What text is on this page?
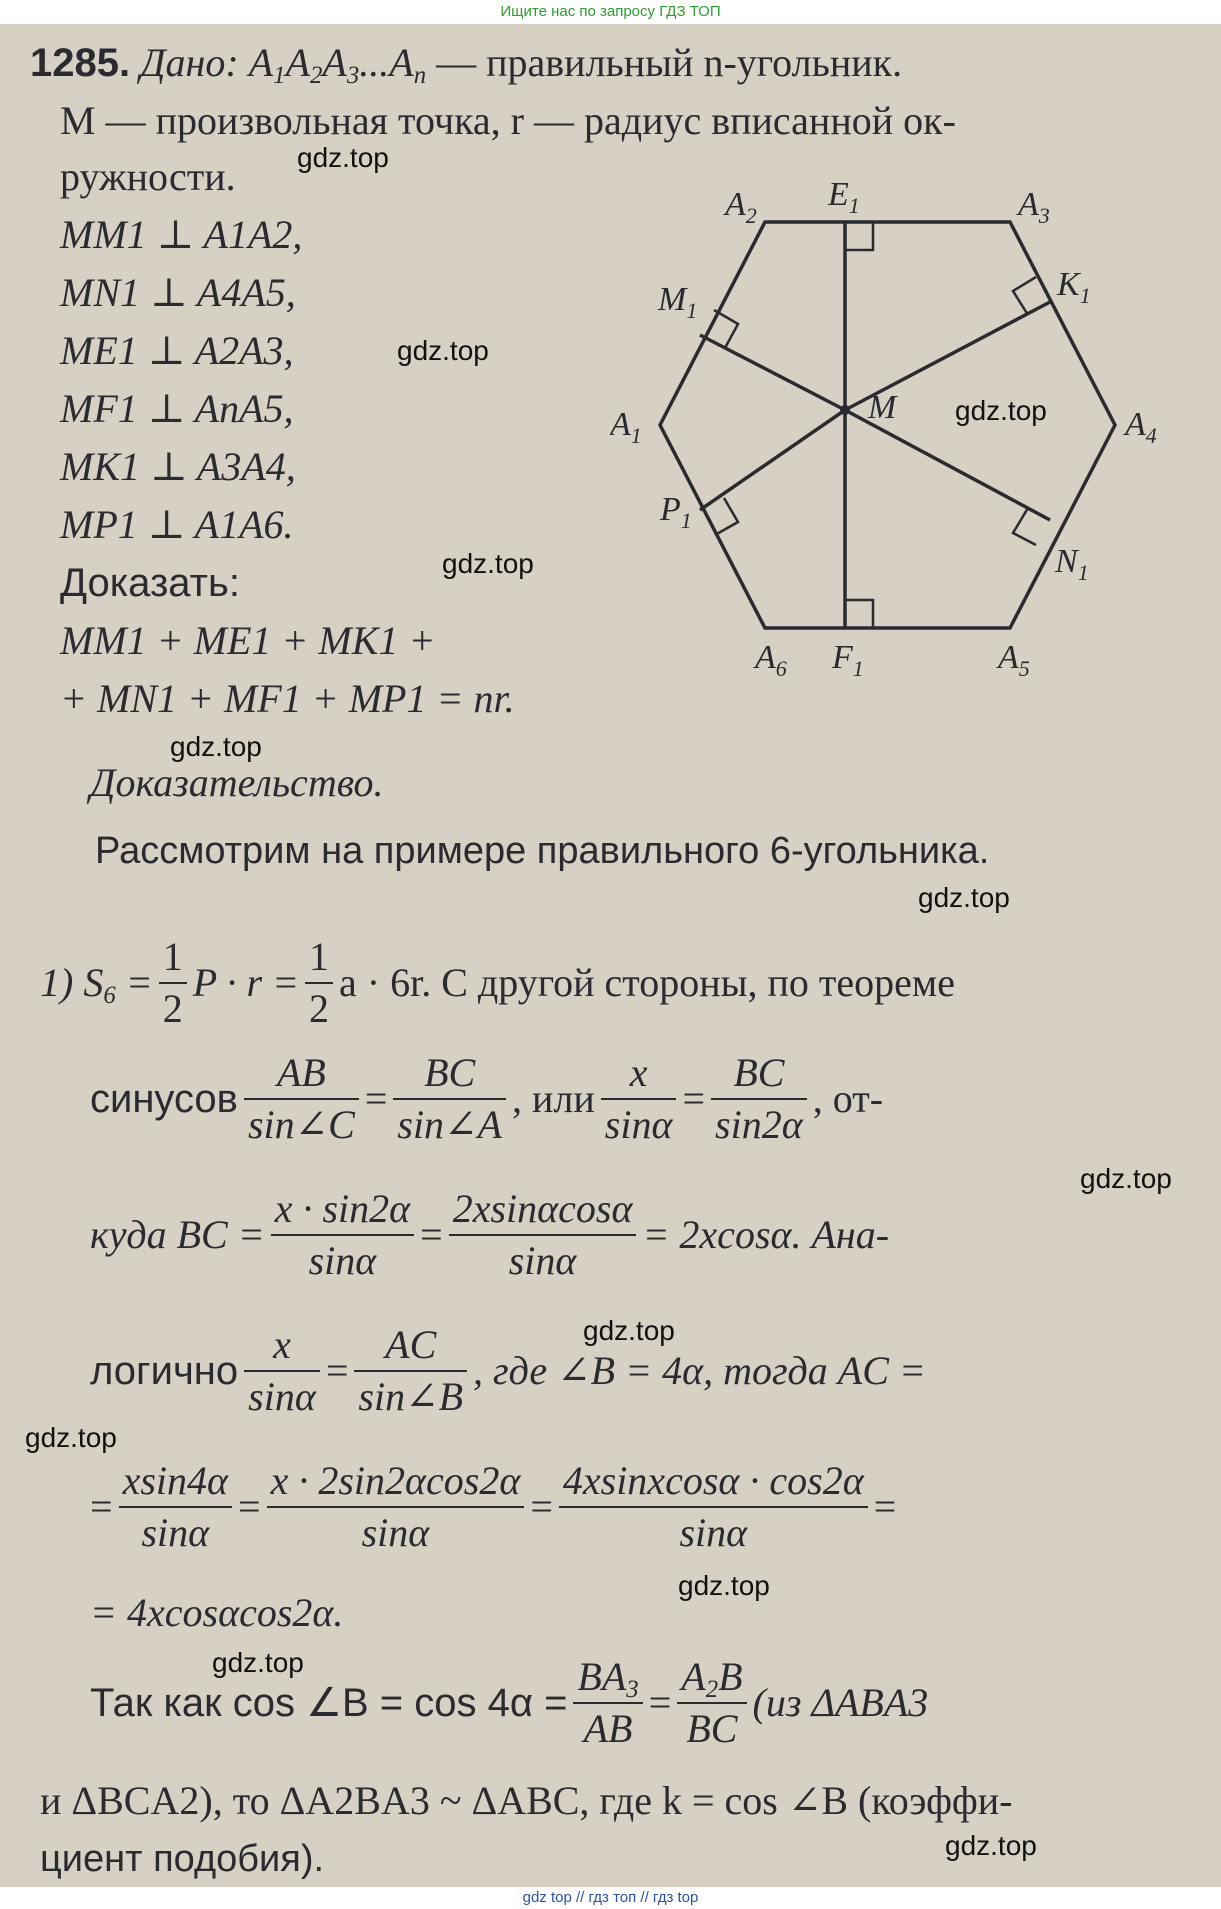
Ищите нас по запросу ГДЗ ТОП
1285. Дано: $A_1A_2A_3...A_n$ — правильный n-угольник.
M — произвольная точка, r — радиус вписанной ок-
ружности.
MM1 ⊥ A1A2,
MN1 ⊥ A4A5,
ME1 ⊥ A2A3,
MF1 ⊥ AnA5,
MK1 ⊥ A3A4,
MP1 ⊥ A1A6.
Доказать:
MM1 + ME1 + MK1 +
+ MN1 + MF1 + MP1 = nr.
$A_2$	$A_3$
$E_1$
$K_1$
$M_1$
$A_1$
M	$A_4$
$P_1$
$N_1$
$A_6$ $F_1$	$A_5$
Доказательство.
Рассмотрим на примере правильного 6-угольника.
1) $S_6 = \frac{1}{2}$ $P \cdot r = \frac{1}{2}$ a · 6r. С другой стороны, по теореме
синусов $\frac{AB}{\sin\angle C} = \frac{BC}{\sin\angle A}$ , или $\frac{x}{\sin\alpha} = \frac{BC}{\sin 2\alpha}$ , от-
куда BC = $\frac{x \cdot \sin 2\alpha}{\sin\alpha} = \frac{2xsin\alpha\cos\alpha}{\sin\alpha} = 2xcos\alpha$. Ана-
логично $\frac{x}{\sin\alpha} = \frac{AC}{\sin\angle B}$ , где ∠B = 4α, тогда AC =
= $\frac{xsin4\alpha}{\sin\alpha} = \frac{x \cdot 2\sin 2\alpha\cos 2\alpha}{\sin\alpha} = \frac{\text{4xsinxcosα · cos2α}}{\sin\alpha}$ =
= 4xcosαcos2α.
Так как cos ∠B = $\cos 4\alpha = \frac{BA_3}{AB} = \frac{A_2B}{BC} (из$ ΔABA3
и ΔBCA2), то ΔA2BA3 ~ ΔABC, где k = cos ∠B (коэффи-
циент подобия).
gdz.top
gdz.top
gdz.top
gdz.top
gdz.top
gdz.top
gdz.top
gdz.top
gdz.top
gdz.top
gdz.top
gdz.top
gdz top // гдз топ // гдз top
